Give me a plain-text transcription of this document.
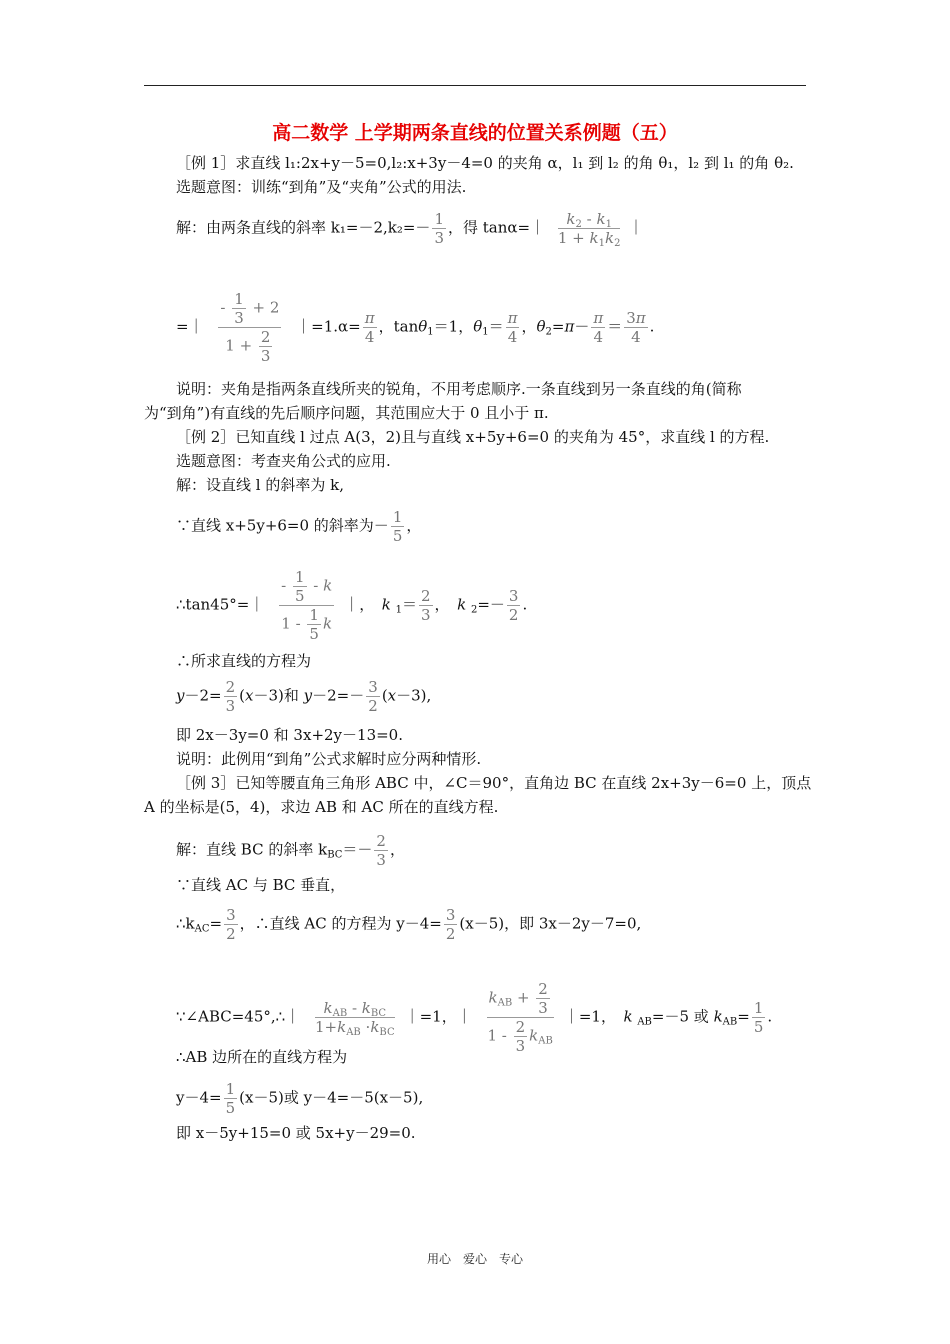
高二数学 上学期两条直线的位置关系例题（五）
［例 1］求直线 l₁:2x+y－5=0,l₂:x+3y－4=0 的夹角 α，l₁ 到 l₂ 的角 θ₁，l₂ 到 l₁ 的角 θ₂.
选题意图：训练“到角”及“夹角”公式的用法.
解：由两条直线的斜率 $k_1=-2,k_2=- \frac{1}{3}$ ，得 tanα=｜ $\frac{k_2 - k_1}{1 + k_1k_2}$ ｜
=｜ $\frac{- \frac{1}{3} + 2}{1 + \frac{2}{3}}$ ｜=1.α= $\frac{\pi}{4}$ ，tanθ$_1$＝1，$\theta_1= \frac{\pi}{4}$ ，$\theta_2=\pi- \frac{\pi}{4} = \frac{3\pi}{4}$ .
说明：夹角是指两条直线所夹的锐角，不用考虑顺序.一条直线到另一条直线的角(简称
为“到角”)有直线的先后顺序问题，其范围应大于 0 且小于 π.
［例 2］已知直线 l 过点 A(3，2)且与直线 x+5y+6=0 的夹角为 45°，求直线 l 的方程.
选题意图：考查夹角公式的应用.
解：设直线 l 的斜率为 k,
∵直线 x+5y+6=0 的斜率为－ $\frac{1}{5}$ ，
∴tan45°=｜ $\frac{- \frac{1}{5} - k}{1 - \frac{1}{5} k}$ ｜，　k $_1= \frac{2}{3}$ ，　k $_2=- \frac{3}{2}$ .
∴所求直线的方程为
$y-2= \frac{2}{3} (x-3)$和 $y-2=- \frac{3}{2} (x-3)$,
即 2x－3y=0 和 3x+2y－13=0.
说明：此例用“到角”公式求解时应分两种情形.
［例 3］已知等腰直角三角形 ABC 中，∠C＝90°，直角边 BC 在直线 2x+3y－6=0 上，顶点
A 的坐标是(5，4)，求边 AB 和 AC 所在的直线方程.
解：直线 BC 的斜率 $k_{BC}=- \frac{2}{3}$ ，
∵直线 AC 与 BC 垂直，
$\therefore k_{AC}= \frac{3}{2}$ ，∴直线 AC 的方程为 $y-4= \frac{3}{2} (x-5)$，即 3x－2y－7=0,
∵∠ABC=45°,∴｜ $\frac{k_{AB} - k_{BC}}{1+k_{AB} \cdot k_{BC}}$ ｜=1，｜ $\frac{k_{AB} + \frac{2}{3}}{1 - \frac{2}{3} k_{AB}}$ ｜=1，　k $_{AB}$=－5 或 $k_{AB}= \frac{1}{5}$ .
∴AB 边所在的直线方程为
$y-4= \frac{1}{5} (x-5)$或 y－4=－5(x－5),
即 x－5y+15=0 或 5x+y－29=0.
用心　爱心　专心
